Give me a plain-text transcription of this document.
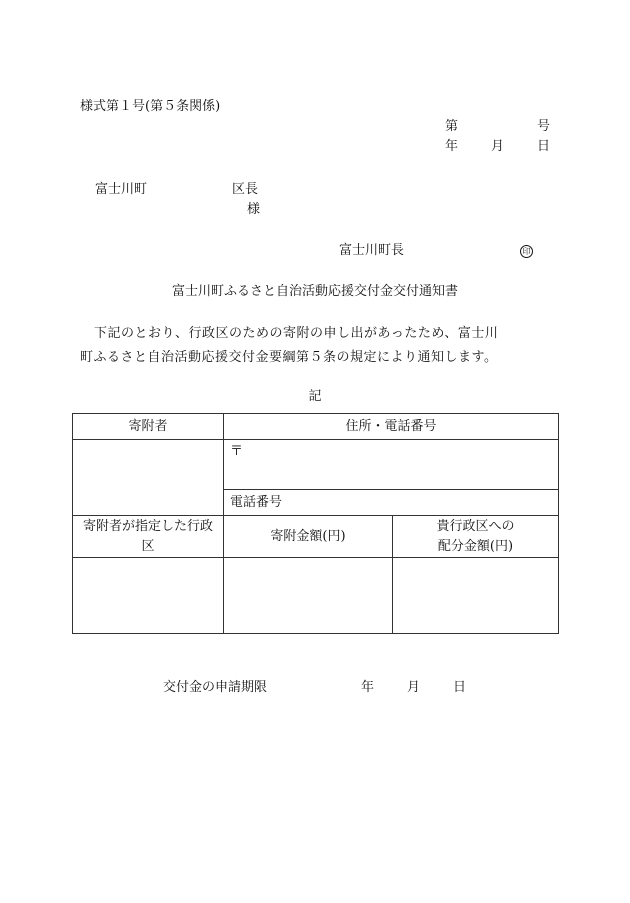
様式第１号(第５条関係)
第	号
年	月	日
富士川町	区長
様
富士川町長	印
富士川町ふるさと自治活動応援交付金交付通知書
下記のとおり、行政区のための寄附の申し出があったため、富士川
町ふるさと自治活動応援交付金要綱第５条の規定により通知します。
記
寄附者	住所・電話番号	
	〒	
	電話番号	
寄附者が指定した行政区	寄附金額(円)	貴行政区への
配分金額(円)

交付金の申請期限	年	月	日
